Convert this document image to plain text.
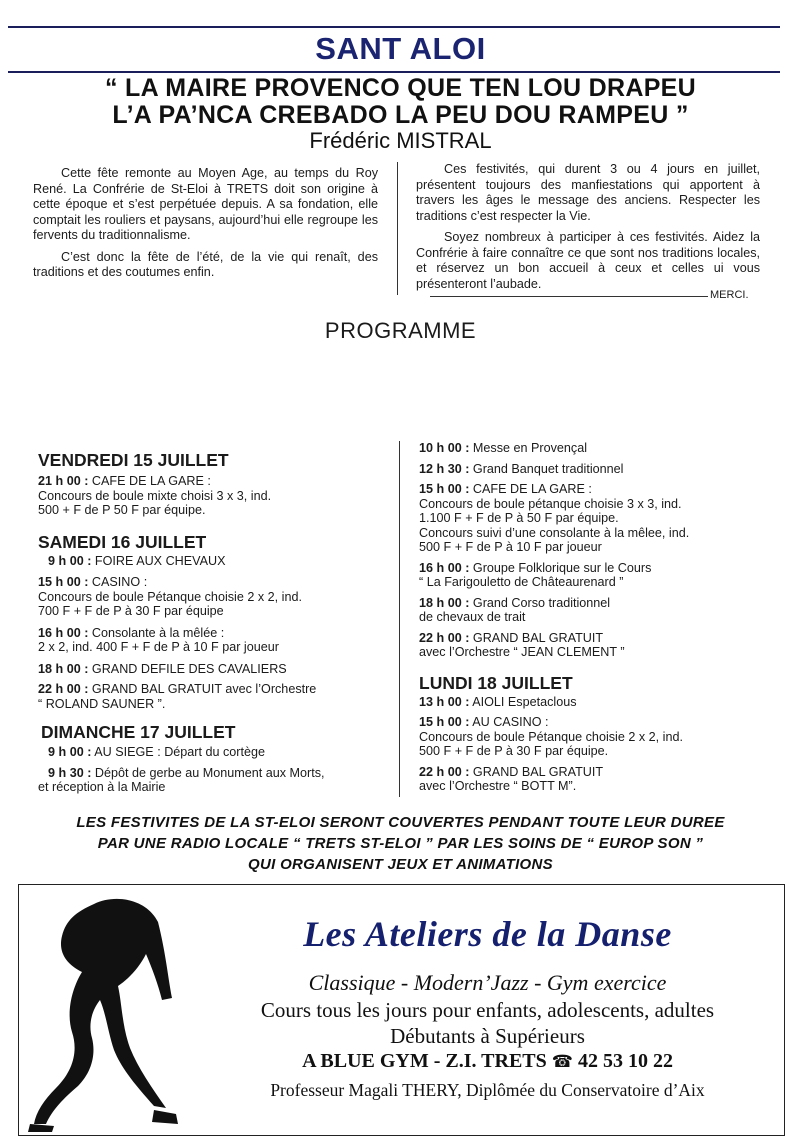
SANT ALOI
“ LA MAIRE PROVENCO QUE TEN LOU DRAPEU
L’A PA’NCA CREBADO LA PEU DOU RAMPEU ”
Frédéric MISTRAL

Cette fête remonte au Moyen Age, au temps du Roy René. La Confrérie de St-Eloi à TRETS doit son origine à cette époque et s’est perpétuée depuis. A sa fondation, elle comptait les rouliers et paysans, aujourd’hui elle regroupe les fervents du traditionnalisme.

C’est donc la fête de l’été, de la vie qui renaît, des traditions et des coutumes enfin.

Ces festivités, qui durent 3 ou 4 jours en juillet, présentent toujours des manfiestations qui apportent à travers les âges le message des anciens. Respecter les traditions c’est respecter la Vie.

Soyez nombreux à participer à ces festivités. Aidez la Confrérie à faire connaître ce que sont nos traditions locales, et réservez un bon accueil à ceux et celles ui vous présenteront l’aubade.

MERCI.
PROGRAMME
VENDREDI 15 JUILLET
21 h 00 : CAFE DE LA GARE :
Concours de boule mixte choisi 3 x 3, ind.
500 + F de P 50 F par équipe.
SAMEDI 16 JUILLET
9 h 00 : FOIRE AUX CHEVAUX
15 h 00 : CASINO :
Concours de boule Pétanque choisie 2 x 2, ind.
700 F + F de P à 30 F par équipe
16 h 00 : Consolante à la mêlée :
2 x 2, ind. 400 F + F de P à 10 F par joueur
18 h 00 : GRAND DEFILE DES CAVALIERS
22 h 00 : GRAND BAL GRATUIT avec l’Orchestre
“ ROLAND SAUNER ”.
DIMANCHE 17 JUILLET
9 h 00 : AU SIEGE : Départ du cortège
9 h 30 : Dépôt de gerbe au Monument aux Morts,
et réception à la Mairie
10 h 00 : Messe en Provençal
12 h 30 : Grand Banquet traditionnel
15 h 00 : CAFE DE LA GARE :
Concours de boule pétanque choisie 3 x 3, ind.
1.100 F + F de P à 50 F par équipe.
Concours suivi d’une consolante à la mêlee, ind.
500 F + F de P à 10 F par joueur
16 h 00 : Groupe Folklorique sur le Cours
“ La Farigouletto de Châteaurenard ”
18 h 00 : Grand Corso traditionnel
de chevaux de trait
22 h 00 : GRAND BAL GRATUIT
avec l’Orchestre “ JEAN CLEMENT ”
LUNDI 18 JUILLET
13 h 00 : AIOLI Espetaclous
15 h 00 : AU CASINO :
Concours de boule Pétanque choisie 2 x 2, ind.
500 F + F de P à 30 F par équipe.
22 h 00 : GRAND BAL GRATUIT
avec l’Orchestre “ BOTT M”.
LES FESTIVITES DE LA ST-ELOI SERONT COUVERTES PENDANT TOUTE LEUR DUREE
PAR UNE RADIO LOCALE “ TRETS ST-ELOI ” PAR LES SOINS DE “ EUROP SON ”
QUI ORGANISENT JEUX ET ANIMATIONS
Les Ateliers de la Danse
Classique - Modern’Jazz - Gym exercice
Cours tous les jours pour enfants, adolescents, adultes
Débutants à Supérieurs
A BLUE GYM - Z.I. TRETS ☎ 42 53 10 22
Professeur Magali THERY, Diplômée du Conservatoire d’Aix
